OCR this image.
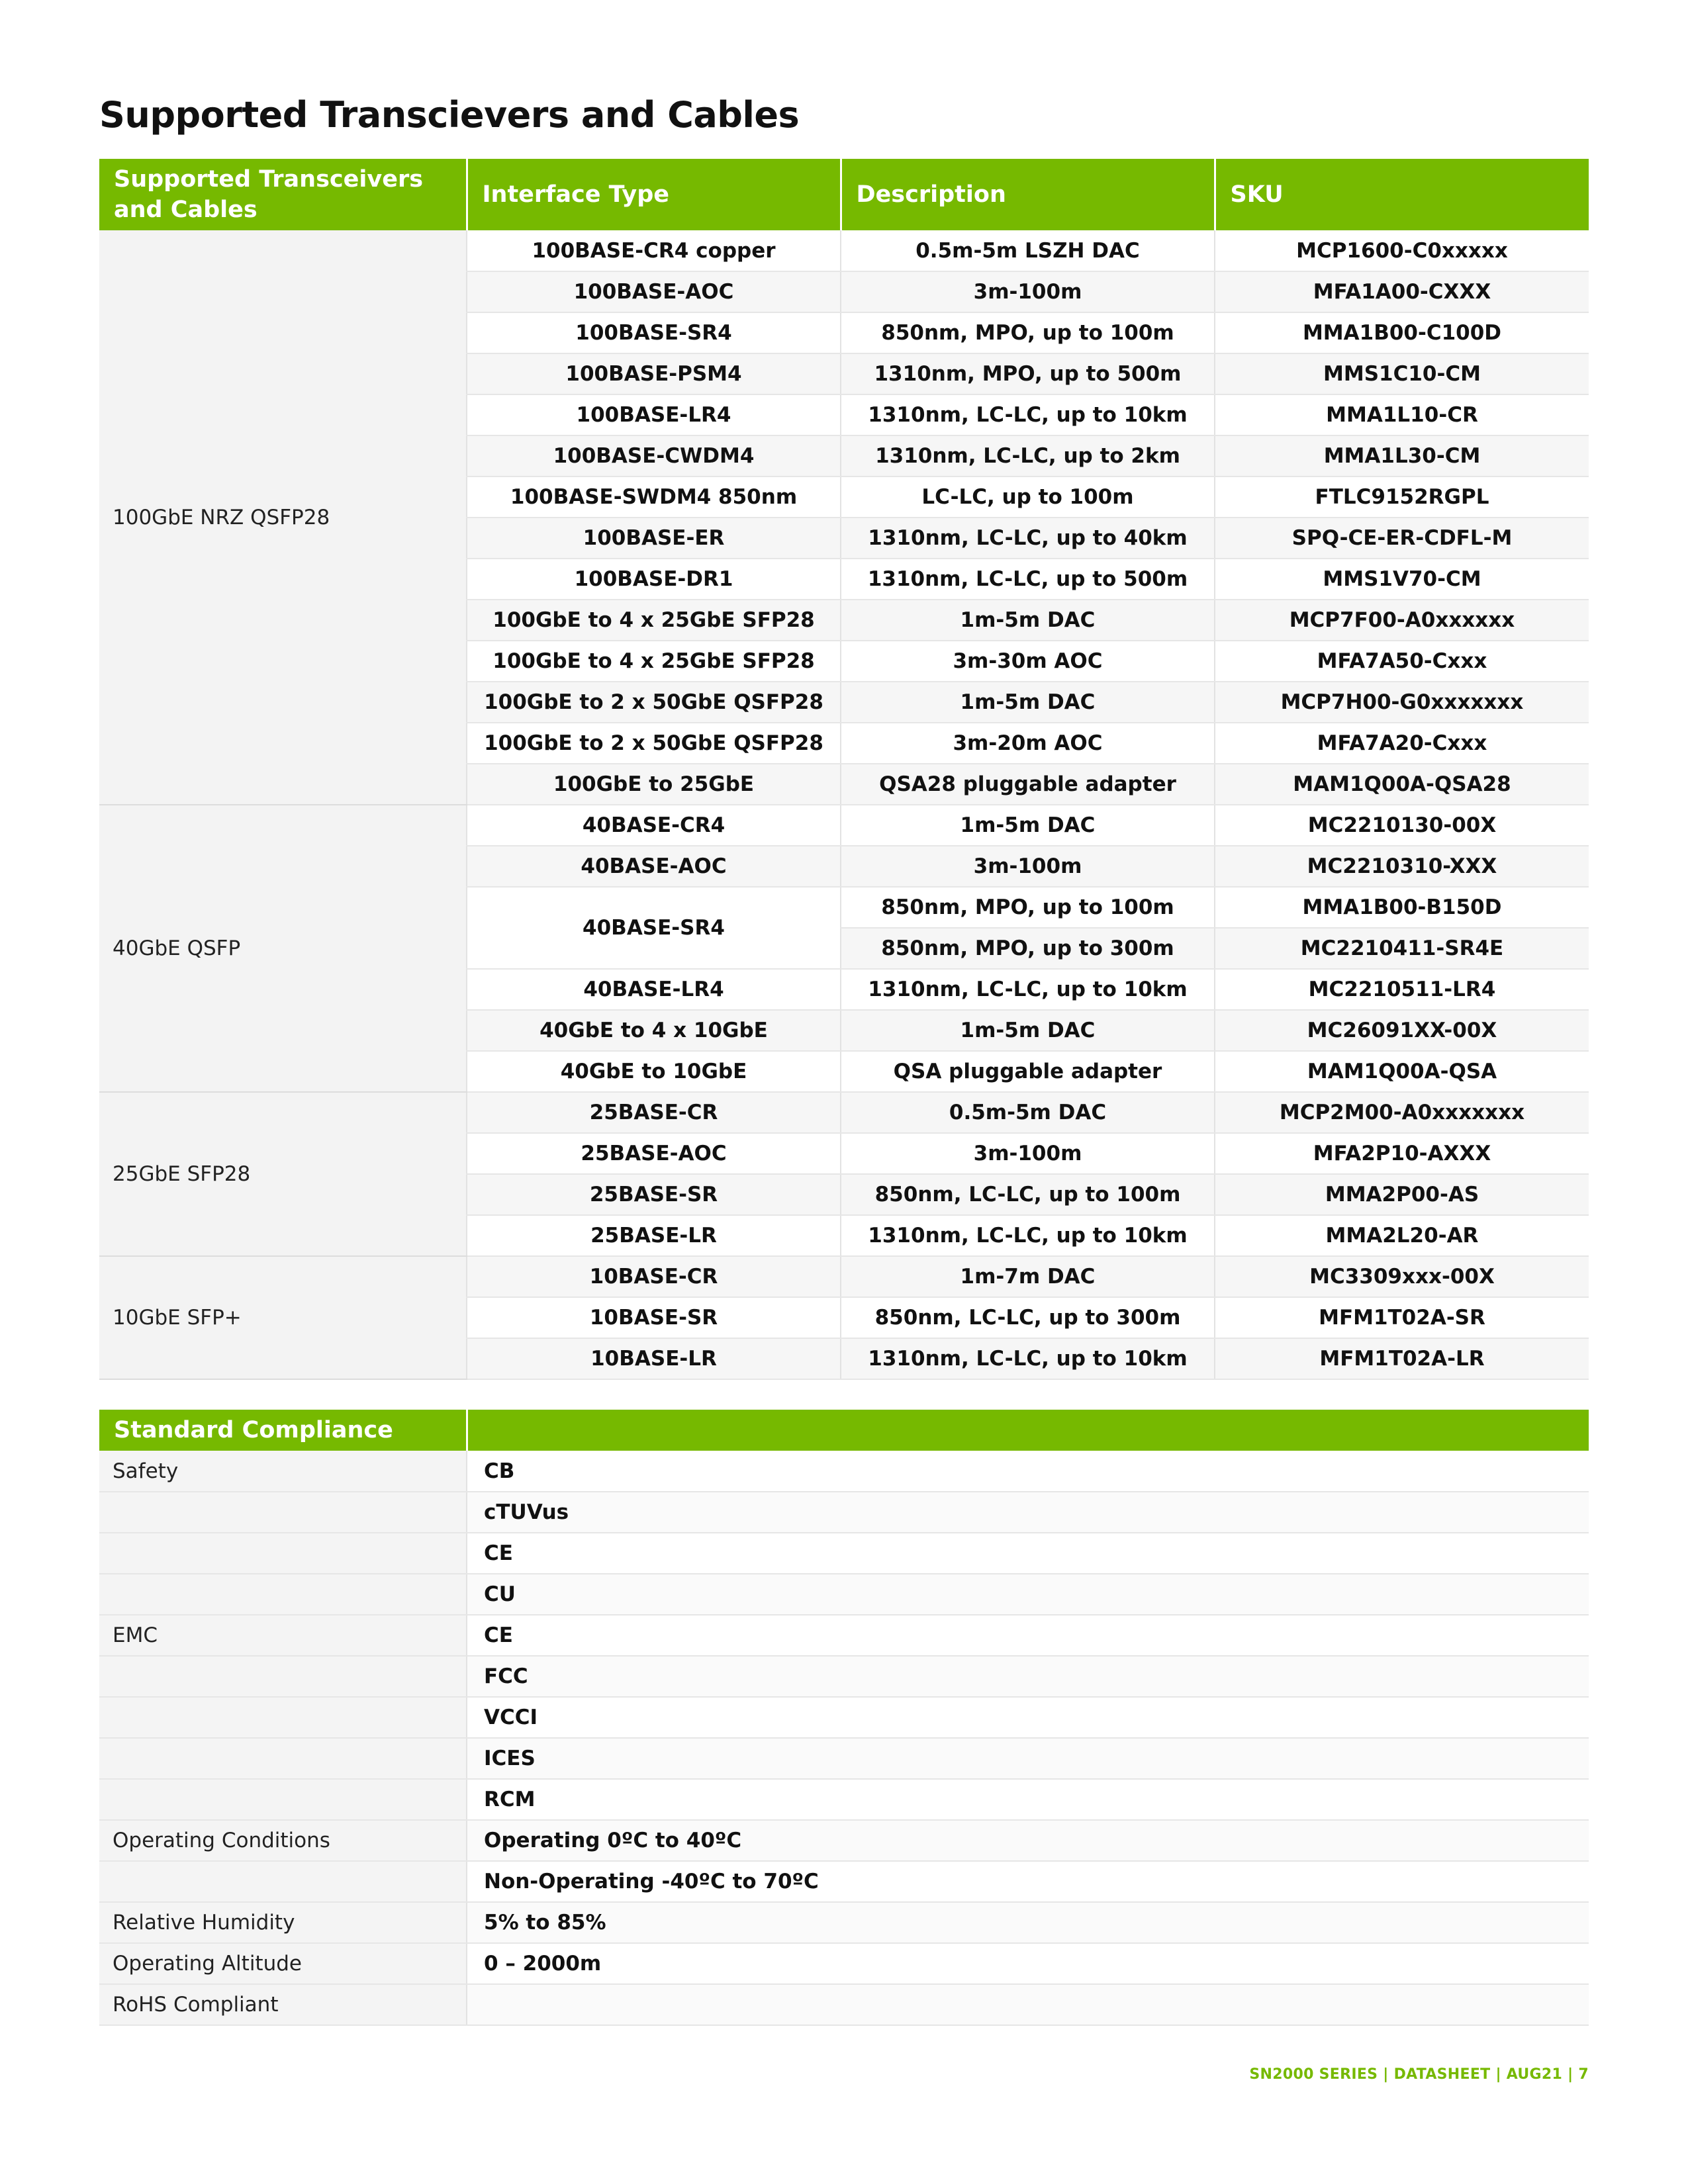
Supported Transcievers and Cables
Supported Transceivers and Cables	Interface Type	Description	SKU
100GbE NRZ QSFP28	100BASE-CR4 copper	0.5m-5m LSZH DAC	MCP1600-C0xxxxx
	100BASE-AOC	3m-100m	MFA1A00-CXXX
	100BASE-SR4	850nm, MPO, up to 100m	MMA1B00-C100D
	100BASE-PSM4	1310nm, MPO, up to 500m	MMS1C10-CM
	100BASE-LR4	1310nm, LC-LC, up to 10km	MMA1L10-CR
	100BASE-CWDM4	1310nm, LC-LC, up to 2km	MMA1L30-CM
	100BASE-SWDM4 850nm	LC-LC, up to 100m	FTLC9152RGPL
	100BASE-ER	1310nm, LC-LC, up to 40km	SPQ-CE-ER-CDFL-M
	100BASE-DR1	1310nm, LC-LC, up to 500m	MMS1V70-CM
	100GbE to 4 x 25GbE SFP28	1m-5m DAC	MCP7F00-A0xxxxxx
	100GbE to 4 x 25GbE SFP28	3m-30m AOC	MFA7A50-Cxxx
	100GbE to 2 x 50GbE QSFP28	1m-5m DAC	MCP7H00-G0xxxxxxx
	100GbE to 2 x 50GbE QSFP28	3m-20m AOC	MFA7A20-Cxxx
	100GbE to 25GbE	QSA28 pluggable adapter	MAM1Q00A-QSA28
40GbE QSFP	40BASE-CR4	1m-5m DAC	MC2210130-00X
	40BASE-AOC	3m-100m	MC2210310-XXX
	40BASE-SR4	850nm, MPO, up to 100m	MMA1B00-B150D
		850nm, MPO, up to 300m	MC2210411-SR4E
	40BASE-LR4	1310nm, LC-LC, up to 10km	MC2210511-LR4
	40GbE to 4 x 10GbE	1m-5m DAC	MC26091XX-00X
	40GbE to 10GbE	QSA pluggable adapter	MAM1Q00A-QSA
25GbE SFP28	25BASE-CR	0.5m-5m DAC	MCP2M00-A0xxxxxxx
	25BASE-AOC	3m-100m	MFA2P10-AXXX
	25BASE-SR	850nm, LC-LC, up to 100m	MMA2P00-AS
	25BASE-LR	1310nm, LC-LC, up to 10km	MMA2L20-AR
10GbE SFP+	10BASE-CR	1m-7m DAC	MC3309xxx-00X
	10BASE-SR	850nm, LC-LC, up to 300m	MFM1T02A-SR
	10BASE-LR	1310nm, LC-LC, up to 10km	MFM1T02A-LR
Standard Compliance	
Safety	CB
	cTUVus
	CE
	CU
EMC	CE
	FCC
	VCCI
	ICES
	RCM
Operating Conditions	Operating 0ºC to 40ºC
	Non-Operating -40ºC to 70ºC
Relative Humidity	5% to 85%
Operating Altitude	0 – 2000m
RoHS Compliant	
SN2000 SERIES | DATASHEET | AUG21 | 7
